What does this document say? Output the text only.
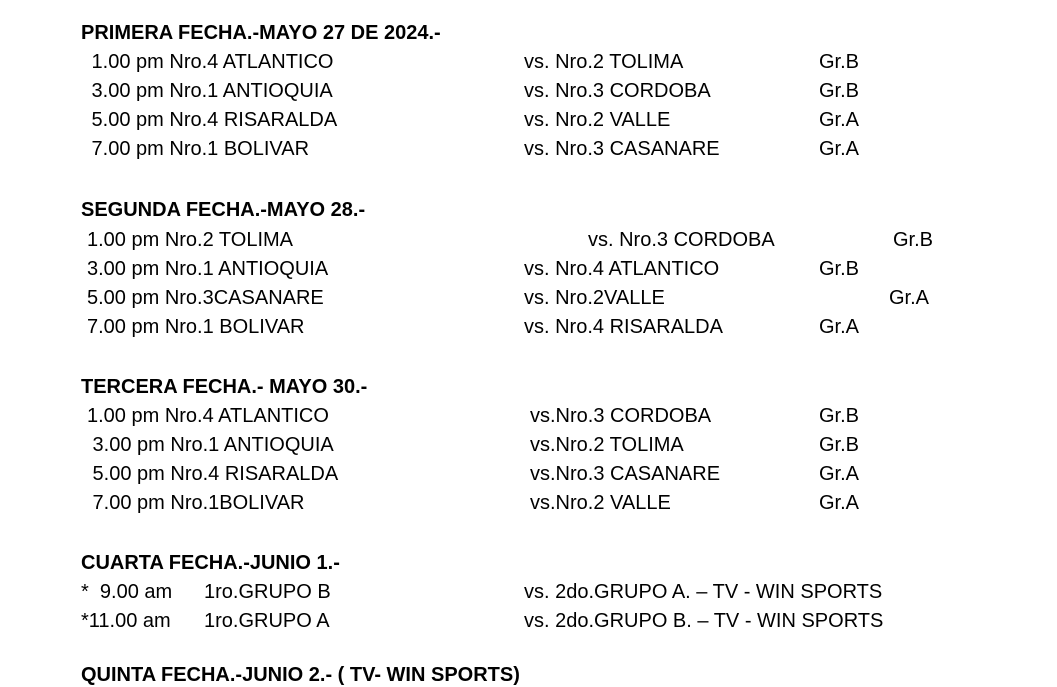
PRIMERA FECHA.-MAYO 27 DE 2024.-
1.00 pm Nro.4 ATLANTICO	vs. Nro.2 TOLIMA	Gr.B
3.00 pm Nro.1 ANTIOQUIA	vs. Nro.3 CORDOBA	Gr.B
5.00 pm Nro.4 RISARALDA	vs. Nro.2 VALLE	Gr.A
7.00 pm Nro.1 BOLIVAR	vs. Nro.3 CASANARE	Gr.A
SEGUNDA FECHA.-MAYO 28.-
1.00 pm Nro.2 TOLIMA	vs. Nro.3 CORDOBA	Gr.B
3.00 pm Nro.1 ANTIOQUIA	vs. Nro.4 ATLANTICO	Gr.B
5.00 pm Nro.3CASANARE	vs. Nro.2VALLE	Gr.A
7.00 pm Nro.1 BOLIVAR	vs. Nro.4 RISARALDA	Gr.A
TERCERA FECHA.- MAYO 30.-
1.00 pm Nro.4 ATLANTICO	vs.Nro.3 CORDOBA	Gr.B
3.00 pm Nro.1 ANTIOQUIA	vs.Nro.2 TOLIMA	Gr.B
5.00 pm Nro.4 RISARALDA	vs.Nro.3 CASANARE	Gr.A
7.00 pm Nro.1BOLIVAR	vs.Nro.2 VALLE	Gr.A
CUARTA FECHA.-JUNIO 1.-
*  9.00 am 1ro.GRUPO B	vs. 2do.GRUPO A. – TV - WIN SPORTS
*11.00 am 1ro.GRUPO A	vs. 2do.GRUPO B. – TV - WIN SPORTS
QUINTA FECHA.-JUNIO 2.- ( TV- WIN SPORTS)
